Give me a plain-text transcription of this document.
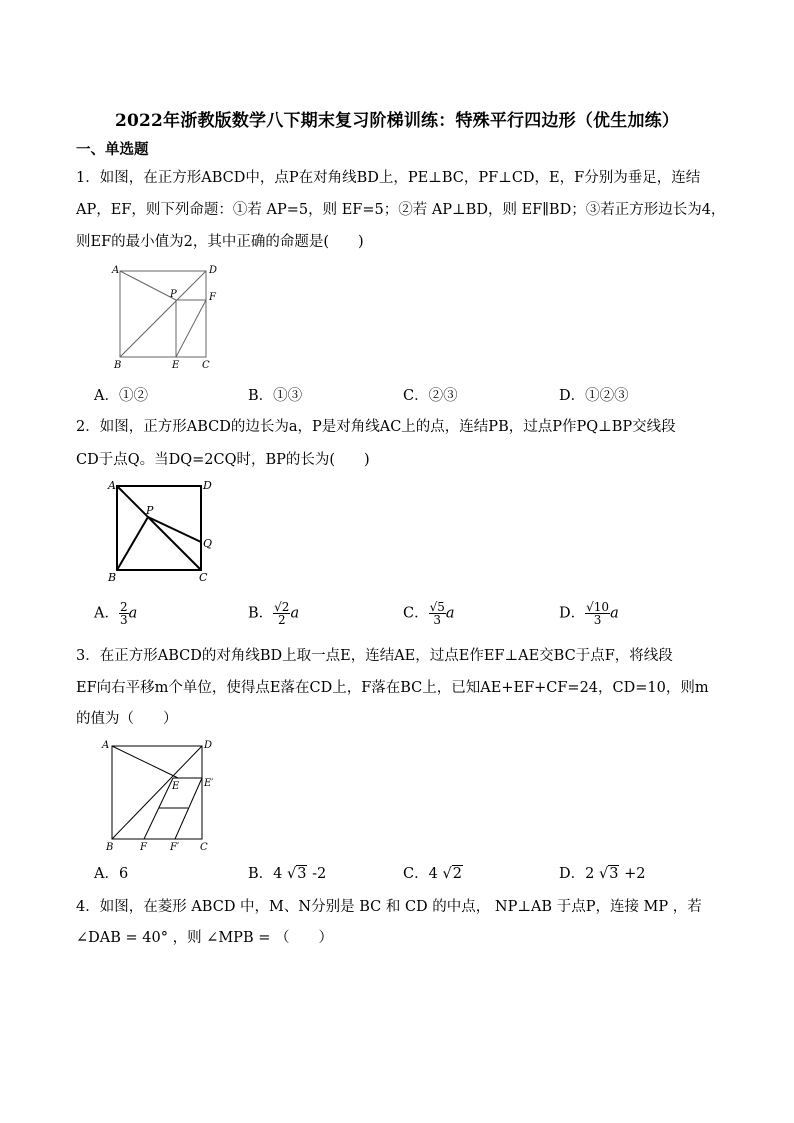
2022年浙教版数学八下期末复习阶梯训练：特殊平行四边形（优生加练）
一、单选题
1．如图，在正方形ABCD中，点P在对角线BD上，PE⊥BC，PF⊥CD，E，F分别为垂足，连结
AP，EF，则下列命题：①若 AP=5，则 EF=5；②若 AP⊥BD，则 EF∥BD；③若正方形边长为4，
则EF的最小值为2，其中正确的命题是(　　)
A	D
P	F
B	E C
A．①②	B．①③	C．②③	D．①②③
2．如图，正方形ABCD的边长为a，P是对角线AC上的点，连结PB，过点P作PQ⊥BP交线段
CD于点Q。当DQ=2CQ时，BP的长为(　　)
A	D
P
Q
B	C
A． $\frac{2}{3}$ a	B． $\frac{√2}{2}$ a	C． $\frac{√5}{3}$ a	D． $\frac{√10}{3}$ a
3．在正方形ABCD的对角线BD上取一点E，连结AE，过点E作EF⊥AE交BC于点F，将线段
EF向右平移m个单位，使得点E落在CD上，F落在BC上，已知AE+EF+CF=24，CD=10，则m
的值为（　　）
A	D
E E′
B	F F′ C
A．6	B．4 √3 -2	C．4 √2	D．2 √3 +2
4．如图，在菱形 ABCD 中，M、N分别是 BC 和 CD 的中点， NP⊥AB 于点P，连接 MP ，若
∠DAB = 40° ，则 ∠MPB = （　　）
